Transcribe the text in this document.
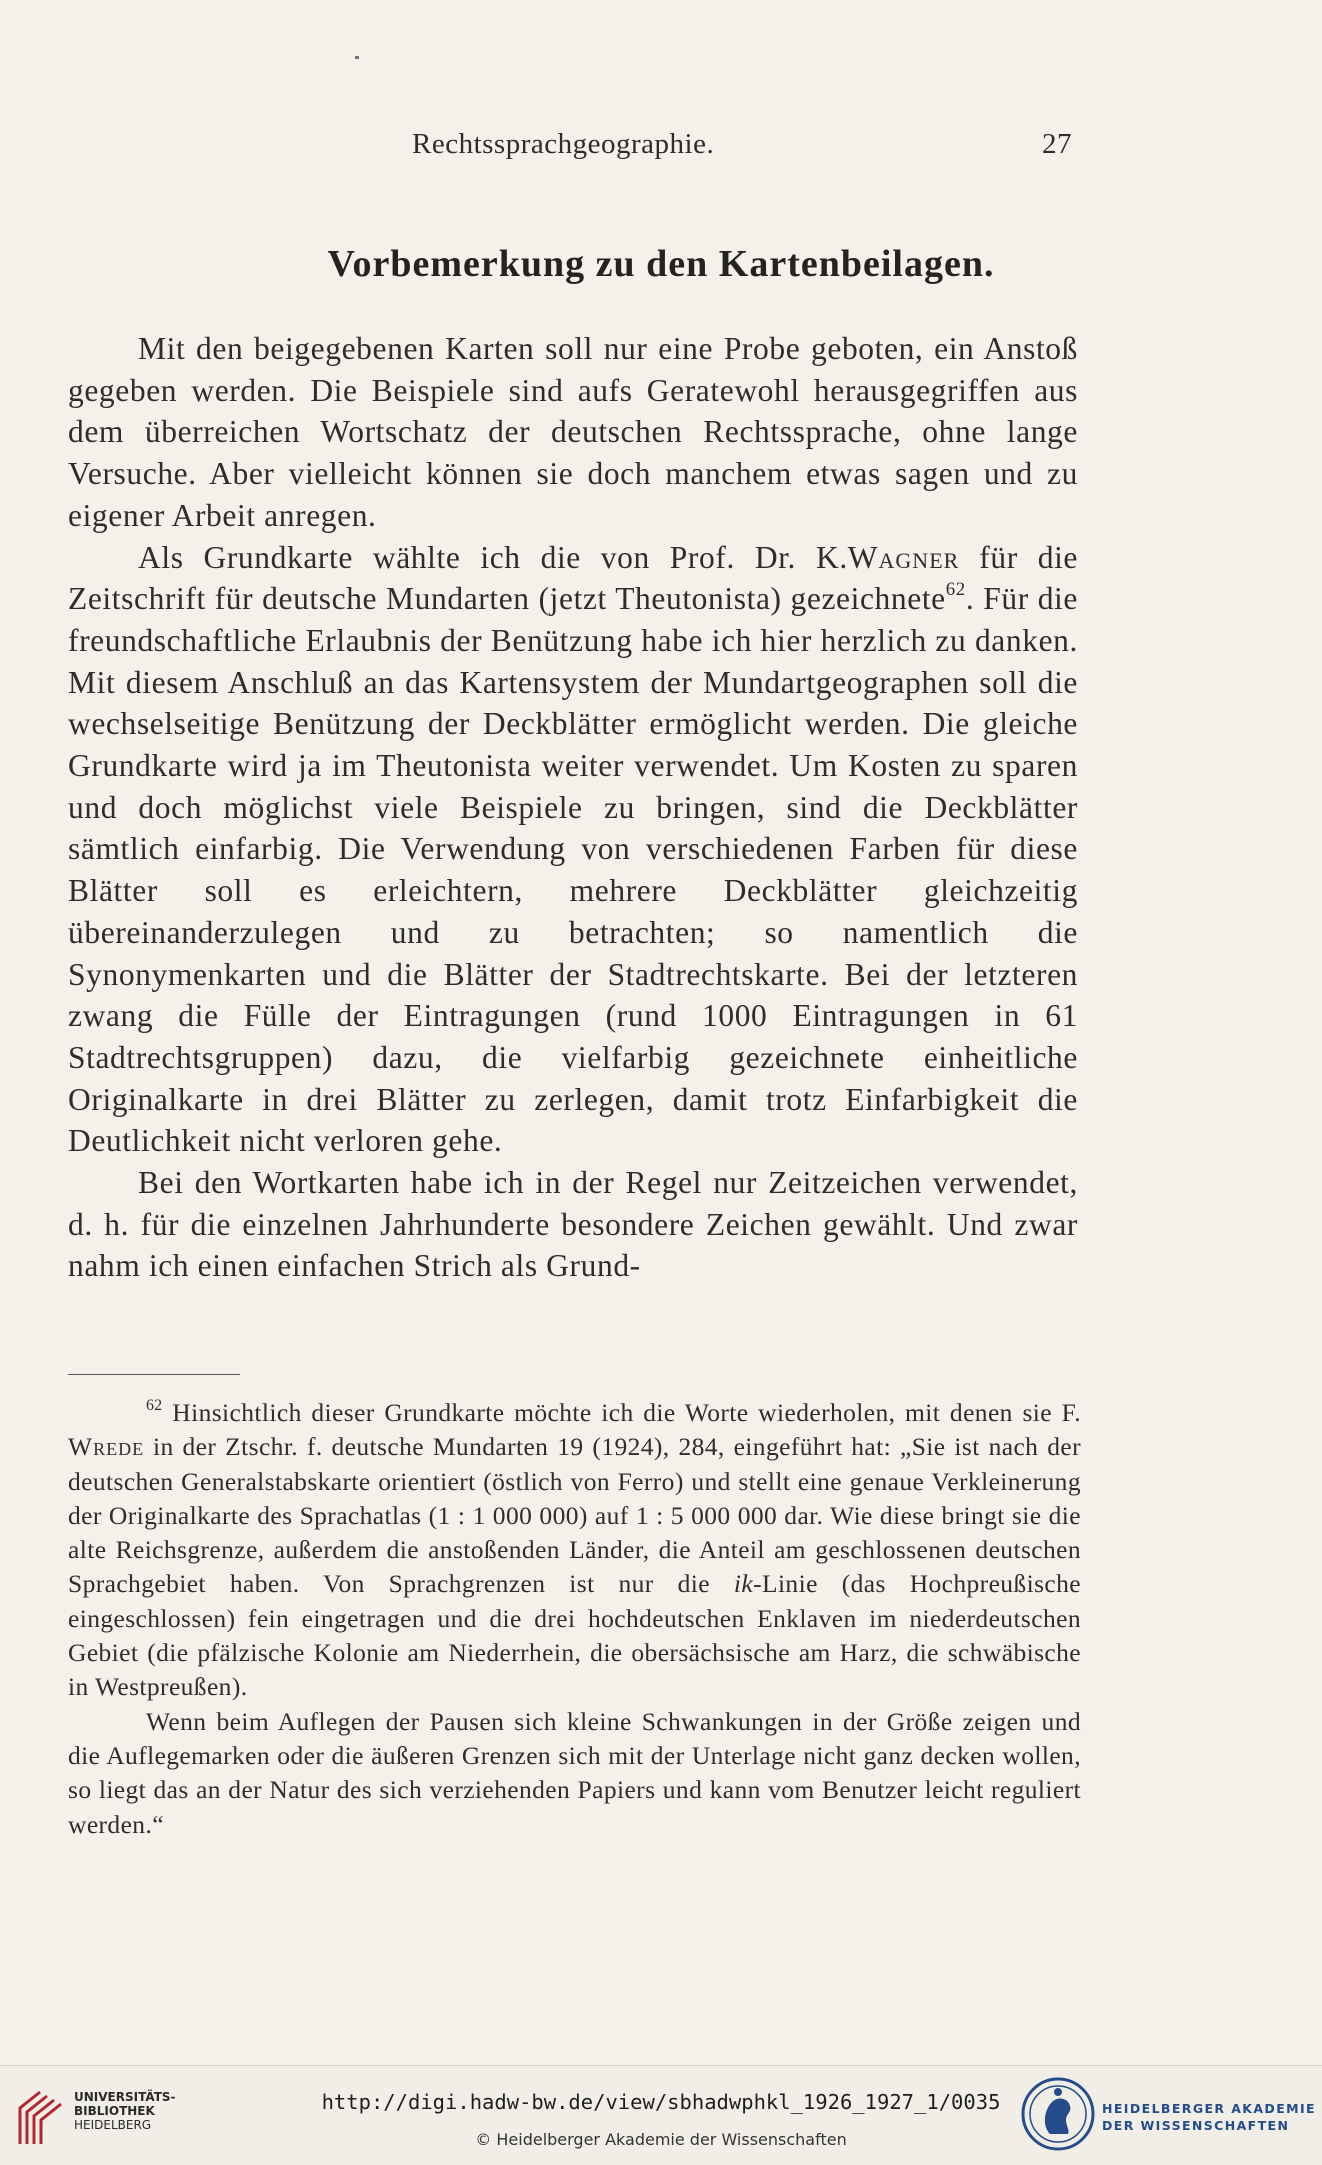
Rechtssprachgeographie.	27
Vorbemerkung zu den Kartenbeilagen.

Mit den beigegebenen Karten soll nur eine Probe geboten, ein Anstoß gegeben werden. Die Beispiele sind aufs Geratewohl herausgegriffen aus dem überreichen Wortschatz der deutschen Rechtssprache, ohne lange Versuche. Aber vielleicht können sie doch manchem etwas sagen und zu eigener Arbeit anregen.

Als Grundkarte wählte ich die von Prof. Dr. K.Wagner für die Zeitschrift für deutsche Mundarten (jetzt Theutonista) gezeichnete$^{62}$. Für die freundschaftliche Erlaubnis der Benützung habe ich hier herzlich zu danken. Mit diesem Anschluß an das Kartensystem der Mundartgeographen soll die wechselseitige Benützung der Deckblätter ermöglicht werden. Die gleiche Grundkarte wird ja im Theutonista weiter verwendet. Um Kosten zu sparen und doch möglichst viele Beispiele zu bringen, sind die Deckblätter sämtlich einfarbig. Die Verwendung von verschiedenen Farben für diese Blätter soll es erleichtern, mehrere Deckblätter gleichzeitig übereinanderzulegen und zu betrachten; so namentlich die Synonymenkarten und die Blätter der Stadtrechtskarte. Bei der letzteren zwang die Fülle der Eintragungen (rund 1000 Eintragungen in 61 Stadtrechtsgruppen) dazu, die vielfarbig gezeichnete einheitliche Originalkarte in drei Blätter zu zerlegen, damit trotz Einfarbigkeit die Deutlichkeit nicht verloren gehe.

Bei den Wortkarten habe ich in der Regel nur Zeitzeichen verwendet, d. h. für die einzelnen Jahrhunderte besondere Zeichen gewählt. Und zwar nahm ich einen einfachen Strich als Grund-

$^{62}$ Hinsichtlich dieser Grundkarte möchte ich die Worte wiederholen, mit denen sie F. Wrede in der Ztschr. f. deutsche Mundarten 19 (1924), 284, eingeführt hat: „Sie ist nach der deutschen Generalstabskarte orientiert (östlich von Ferro) und stellt eine genaue Verkleinerung der Originalkarte des Sprachatlas (1 : 1 000 000) auf 1 : 5 000 000 dar. Wie diese bringt sie die alte Reichsgrenze, außerdem die anstoßenden Länder, die Anteil am geschlossenen deutschen Sprachgebiet haben. Von Sprachgrenzen ist nur die ik-Linie (das Hochpreußische eingeschlossen) fein eingetragen und die drei hochdeutschen Enklaven im niederdeutschen Gebiet (die pfälzische Kolonie am Niederrhein, die obersächsische am Harz, die schwäbische in Westpreußen).

Wenn beim Auflegen der Pausen sich kleine Schwankungen in der Größe zeigen und die Auflegemarken oder die äußeren Grenzen sich mit der Unterlage nicht ganz decken wollen, so liegt das an der Natur des sich verziehenden Papiers und kann vom Benutzer leicht reguliert werden.“

UNIVERSITÄTS-
BIBLIOTHEK
HEIDELBERG
http://digi.hadw-bw.de/view/sbhadwphkl_1926_1927_1/0035
© Heidelberger Akademie der Wissenschaften
HEIDELBERGER AKADEMIE
DER WISSENSCHAFTEN
